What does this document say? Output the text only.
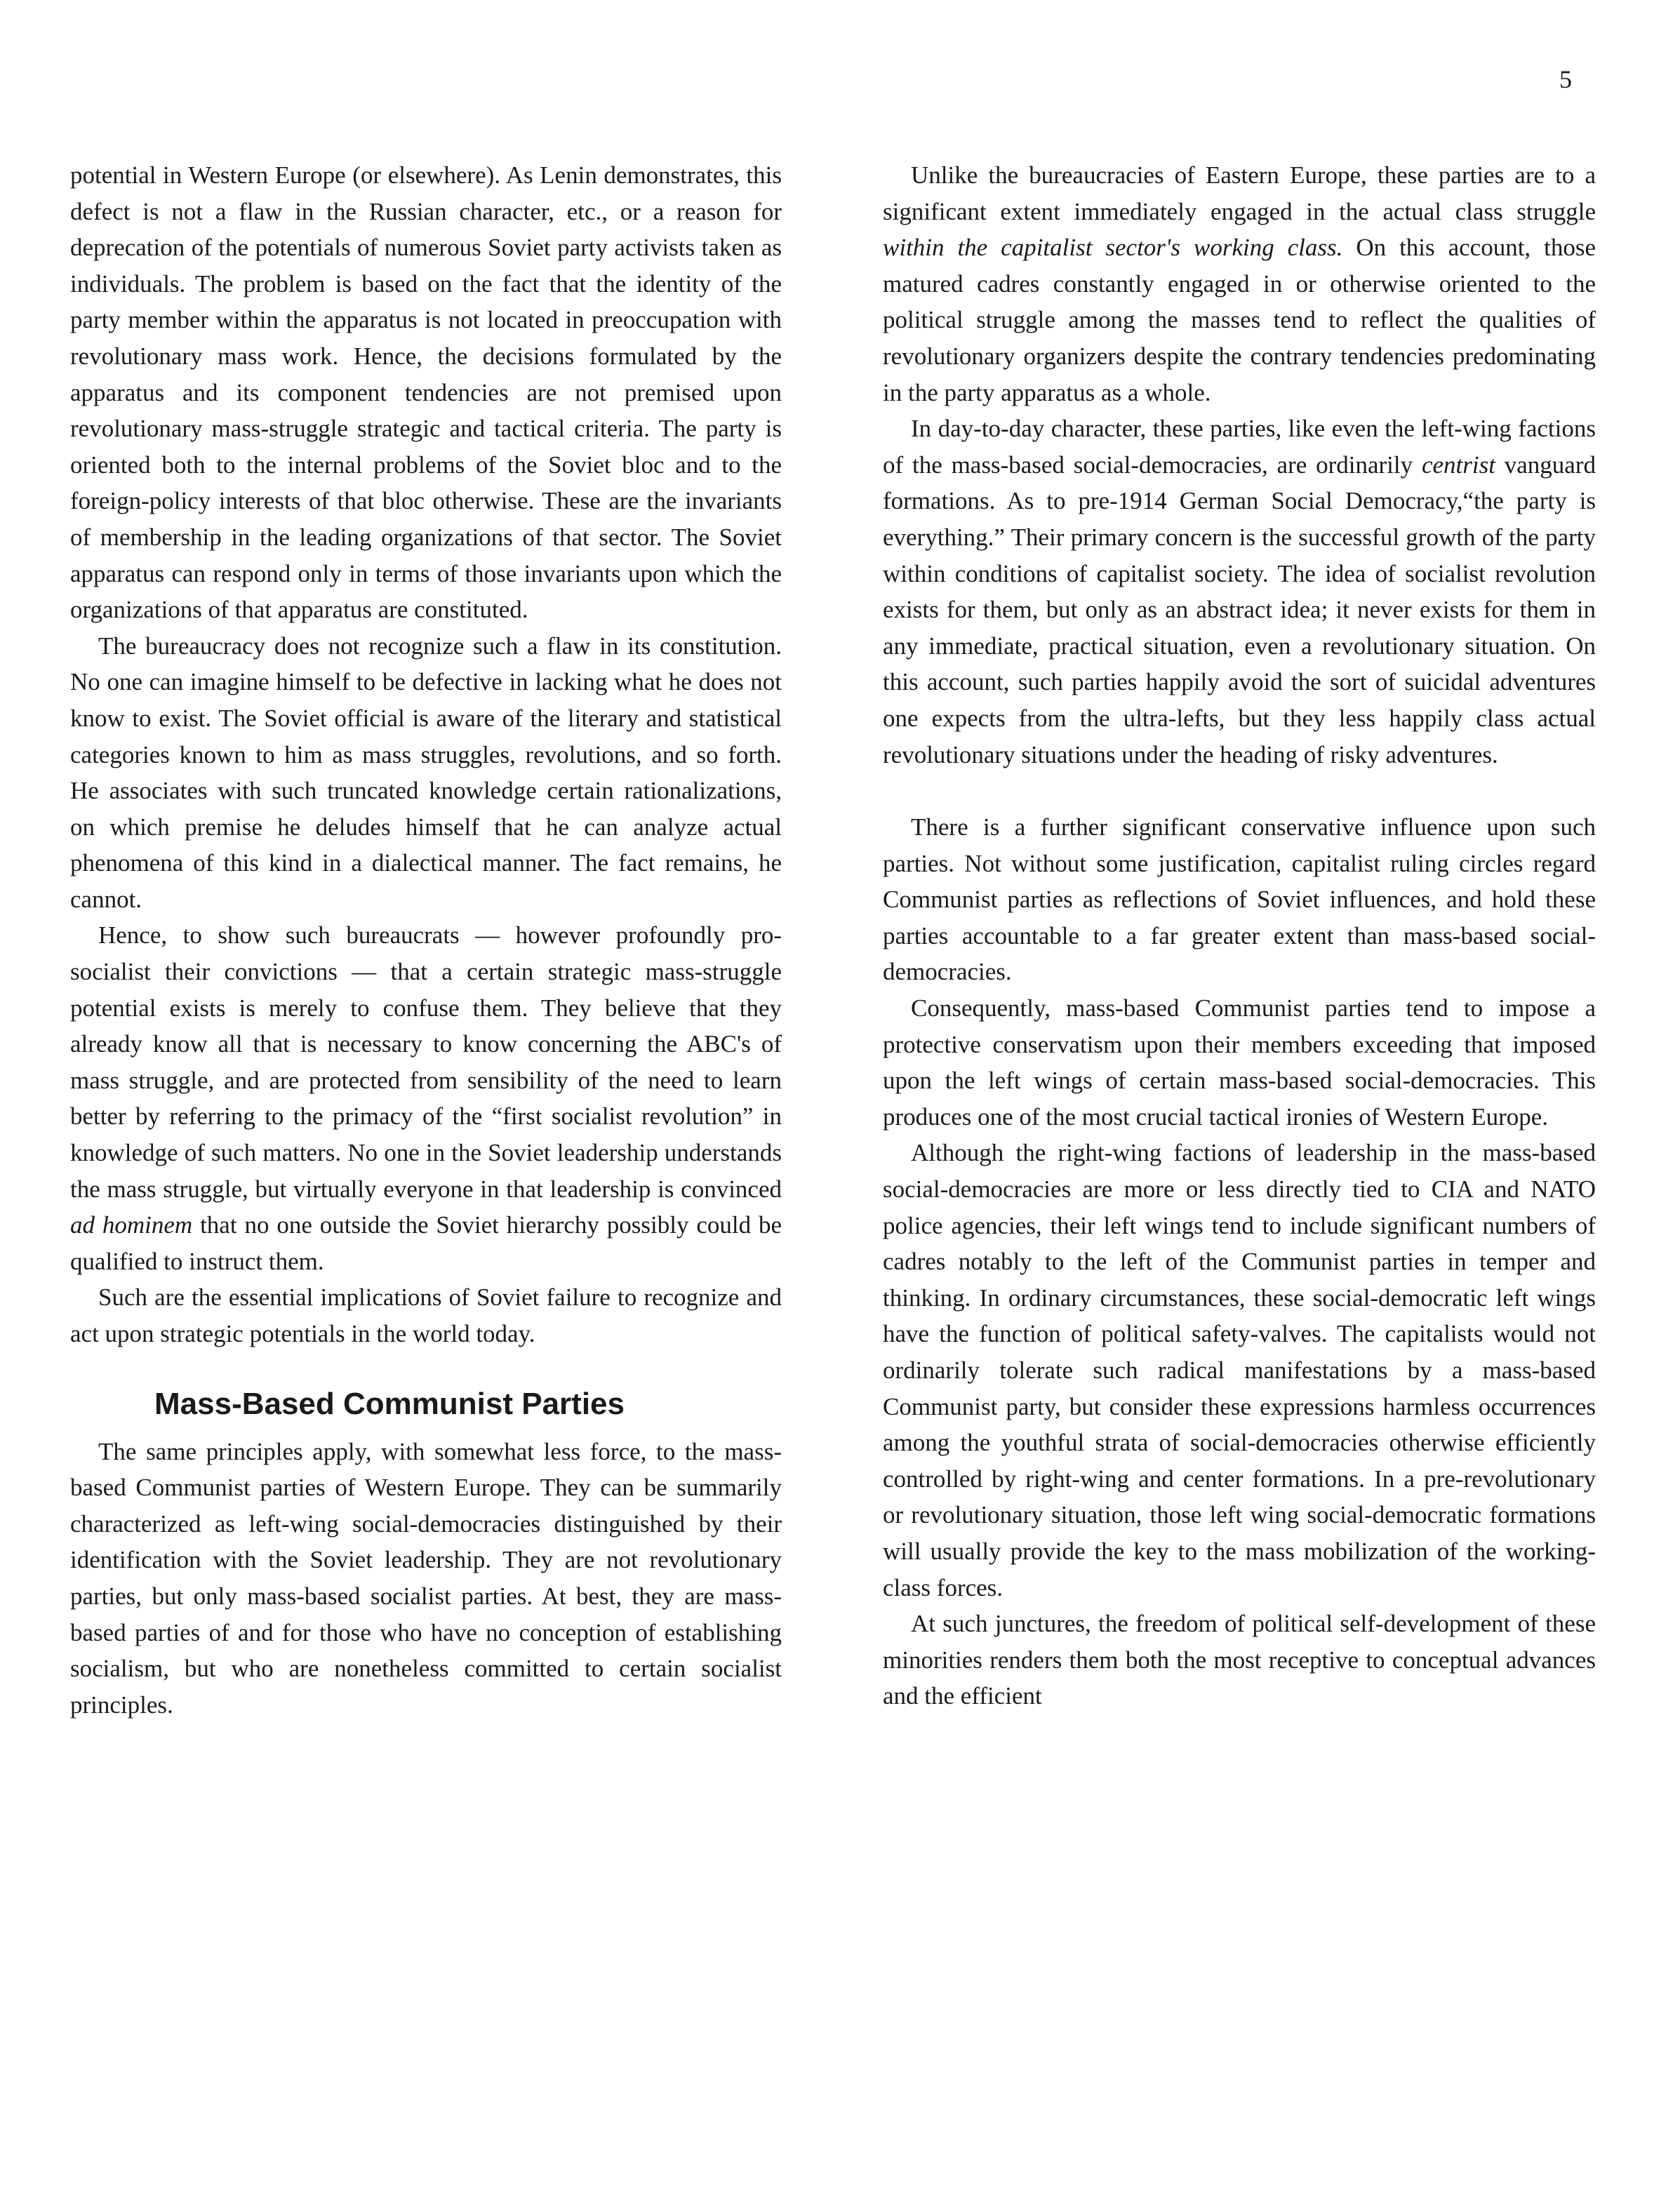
5

potential in Western Europe (or elsewhere). As Lenin demonstrates, this defect is not a flaw in the Russian character, etc., or a reason for deprecation of the potentials of numerous Soviet party activists taken as individuals. The problem is based on the fact that the identity of the party member within the apparatus is not located in preoccupation with revolutionary mass work. Hence, the decisions formulated by the apparatus and its component tendencies are not premised upon revolutionary mass-struggle strategic and tactical criteria. The party is oriented both to the internal problems of the Soviet bloc and to the foreign-policy interests of that bloc otherwise. These are the invariants of membership in the leading organizations of that sector. The Soviet apparatus can respond only in terms of those invariants upon which the organizations of that apparatus are constituted.

The bureaucracy does not recognize such a flaw in its constitution. No one can imagine himself to be defective in lacking what he does not know to exist. The Soviet official is aware of the literary and statistical categories known to him as mass struggles, revolutions, and so forth. He associates with such truncated knowledge certain rationalizations, on which premise he deludes himself that he can analyze actual phenomena of this kind in a dialectical manner. The fact remains, he cannot.

Hence, to show such bureaucrats — however profoundly pro-socialist their convictions — that a certain strategic mass-struggle potential exists is merely to confuse them. They believe that they already know all that is necessary to know concerning the ABC's of mass struggle, and are protected from sensibility of the need to learn better by referring to the primacy of the “first socialist revolution” in knowledge of such matters. No one in the Soviet leadership understands the mass struggle, but virtually everyone in that leadership is convinced ad hominem that no one outside the Soviet hierarchy possibly could be qualified to instruct them.

Such are the essential implications of Soviet failure to recognize and act upon strategic potentials in the world today.

Mass-Based Communist Parties

The same principles apply, with somewhat less force, to the mass-based Communist parties of Western Europe. They can be summarily characterized as left-wing social-democracies distinguished by their identification with the Soviet leadership. They are not revolutionary parties, but only mass-based socialist parties. At best, they are mass-based parties of and for those who have no conception of establishing socialism, but who are nonetheless committed to certain socialist principles.

Unlike the bureaucracies of Eastern Europe, these parties are to a significant extent immediately engaged in the actual class struggle within the capitalist sector's working class. On this account, those matured cadres constantly engaged in or otherwise oriented to the political struggle among the masses tend to reflect the qualities of revolutionary organizers despite the contrary tendencies predominating in the party apparatus as a whole.

In day-to-day character, these parties, like even the left-wing factions of the mass-based social-democracies, are ordinarily centrist vanguard formations. As to pre-1914 German Social Democracy,“the party is everything.” Their primary concern is the successful growth of the party within conditions of capitalist society. The idea of socialist revolution exists for them, but only as an abstract idea; it never exists for them in any immediate, practical situation, even a revolutionary situation. On this account, such parties happily avoid the sort of suicidal adventures one expects from the ultra-lefts, but they less happily class actual revolutionary situations under the heading of risky adventures.

There is a further significant conservative influence upon such parties. Not without some justification, capitalist ruling circles regard Communist parties as reflections of Soviet influences, and hold these parties accountable to a far greater extent than mass-based social-democracies.

Consequently, mass-based Communist parties tend to impose a protective conservatism upon their members exceeding that imposed upon the left wings of certain mass-based social-democracies. This produces one of the most crucial tactical ironies of Western Europe.

Although the right-wing factions of leadership in the mass-based social-democracies are more or less directly tied to CIA and NATO police agencies, their left wings tend to include significant numbers of cadres notably to the left of the Communist parties in temper and thinking. In ordinary circumstances, these social-democratic left wings have the function of political safety-valves. The capitalists would not ordinarily tolerate such radical manifestations by a mass-based Communist party, but consider these expressions harmless occurrences among the youthful strata of social-democracies otherwise efficiently controlled by right-wing and center formations. In a pre-revolutionary or revolutionary situation, those left wing social-democratic formations will usually provide the key to the mass mobilization of the working-class forces.

At such junctures, the freedom of political self-development of these minorities renders them both the most receptive to conceptual advances and the efficient
